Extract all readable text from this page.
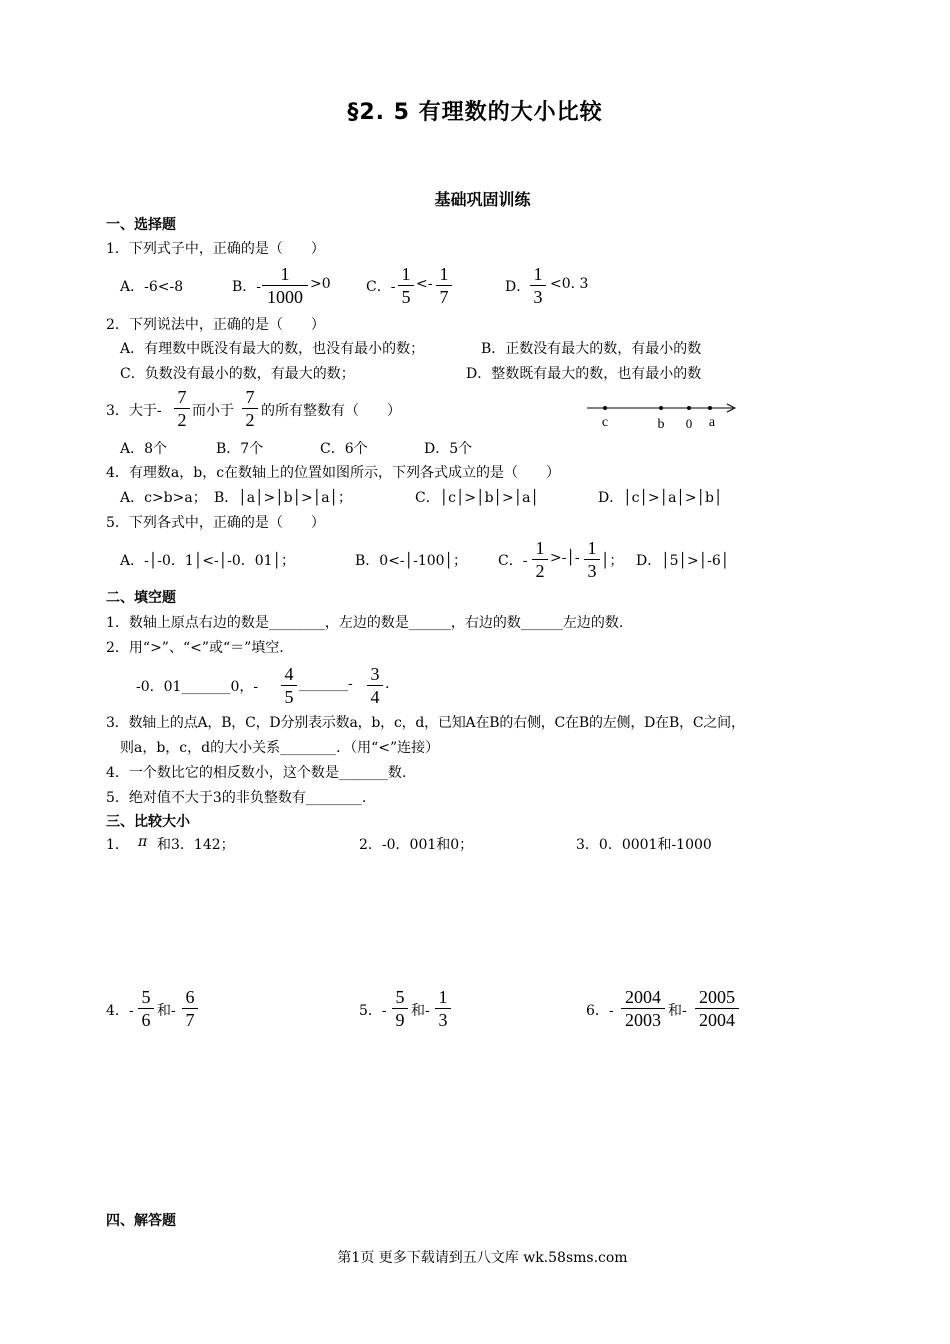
§2. 5 有理数的大小比较
基础巩固训练
一、选择题
1．下列式子中，正确的是（　　）
A．-6<-8	B．-
1
1000
>0	C．-
1
5
<- 1
7	D．
1
3
<0. 3
2．下列说法中，正确的是（　　）
A．有理数中既没有最大的数，也没有最小的数；	B．正数没有最大的数，有最小的数
C．负数没有最小的数，有最大的数；	D．整数既有最大的数，也有最小的数
3．大于-
7
2 而小于
7
2 的所有整数有（　　）
c	b 0 a
A．8个	B．7个	C．6个	D．5个
4．有理数a，b，c在数轴上的位置如图所示，下列各式成立的是（　　）
A．c>b>a； B．│a│>│b│>│a│；	C．│c│>│b│>│a│	D．│c│>│a│>│b│
5．下列各式中，正确的是（　　）
A．-│-0．1│<-│-0．01│；	B．0<-│-100│； C．-
1
2
>-│- 1
3 │； D．│5│>│-6│
二、填空题
1．数轴上原点右边的数是________，左边的数是______，右边的数______左边的数.
2．用“>”、“<”或“＝”填空.
-0．01_______0，-
4
5
_______- 3
4
.
3．数轴上的点A，B，C，D分别表示数a，b，c，d，已知A在B的右侧，C在B的左侧，D在B，C之间，
则a，b，c，d的大小关系________．（用“<”连接）
4．一个数比它的相反数小，这个数是_______数.
5．绝对值不大于3的非负整数有________.
三、比较大小
1． π 和3．142；	2．-0．001和0；	3．0．0001和-1000
4．-
5
6 和-
6
7	5．-
5
9 和-
1
3	6．-
2004
2003 和-
2005
2004
四、解答题
第1页 更多下载请到五八文库 wk.58sms.com
